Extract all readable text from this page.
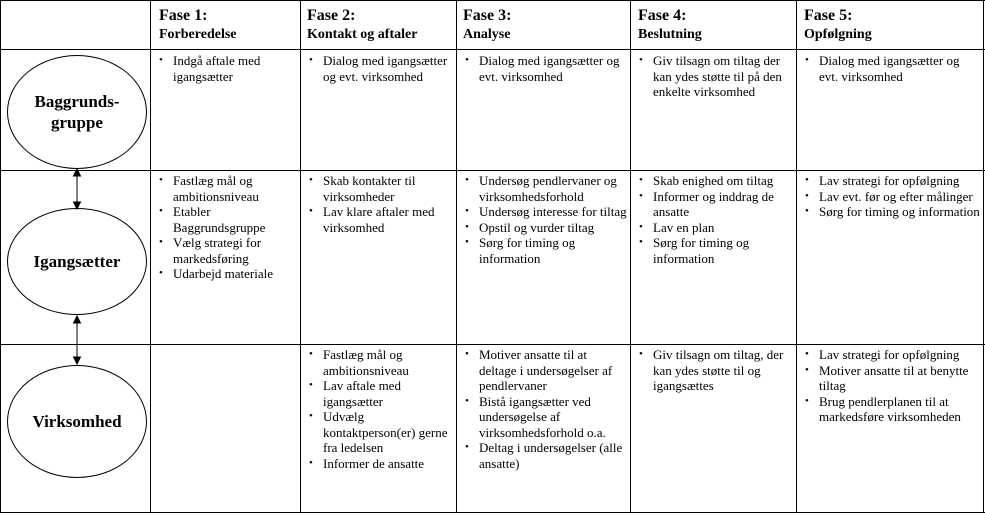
Fase 1:
Forberedelse
Fase 2:
Kontakt og aftaler
Fase 3:
Analyse
Fase 4:
Beslutning
Fase 5:
Opfølgning
Baggrunds-
gruppe
Igangsætter
Virksomhed
• Indgå aftale med igangsætter
• Dialog med igangsætter og evt. virksomhed
• Dialog med igangsætter og evt. virksomhed
• Giv tilsagn om tiltag der kan ydes støtte til på den enkelte virksomhed
• Dialog med igangsætter og evt. virksomhed
• Fastlæg mål og ambitionsniveau
• Etabler Baggrundsgruppe
• Vælg strategi for markedsføring
• Udarbejd materiale
• Skab kontakter til virksomheder
• Lav klare aftaler med virksomhed
• Undersøg pendlervaner og virksomhedsforhold
• Undersøg interesse for tiltag
• Opstil og vurder tiltag
• Sørg for timing og information
• Skab enighed om tiltag
• Informer og inddrag de ansatte
• Lav en plan
• Sørg for timing og information
• Lav strategi for opfølgning
• Lav evt. før og efter målinger
• Sørg for timing og information
• Fastlæg mål og ambitionsniveau
• Lav aftale med igangsætter
• Udvælg kontaktperson(er) gerne fra ledelsen
• Informer de ansatte
• Motiver ansatte til at deltage i undersøgelser af pendlervaner
• Bistå igangsætter ved undersøgelse af virksomhedsforhold o.a.
• Deltag i undersøgelser (alle ansatte)
• Giv tilsagn om tiltag, der kan ydes støtte til og igangsættes
• Lav strategi for opfølgning
• Motiver ansatte til at benytte tiltag
• Brug pendlerplanen til at markedsføre virksomheden
